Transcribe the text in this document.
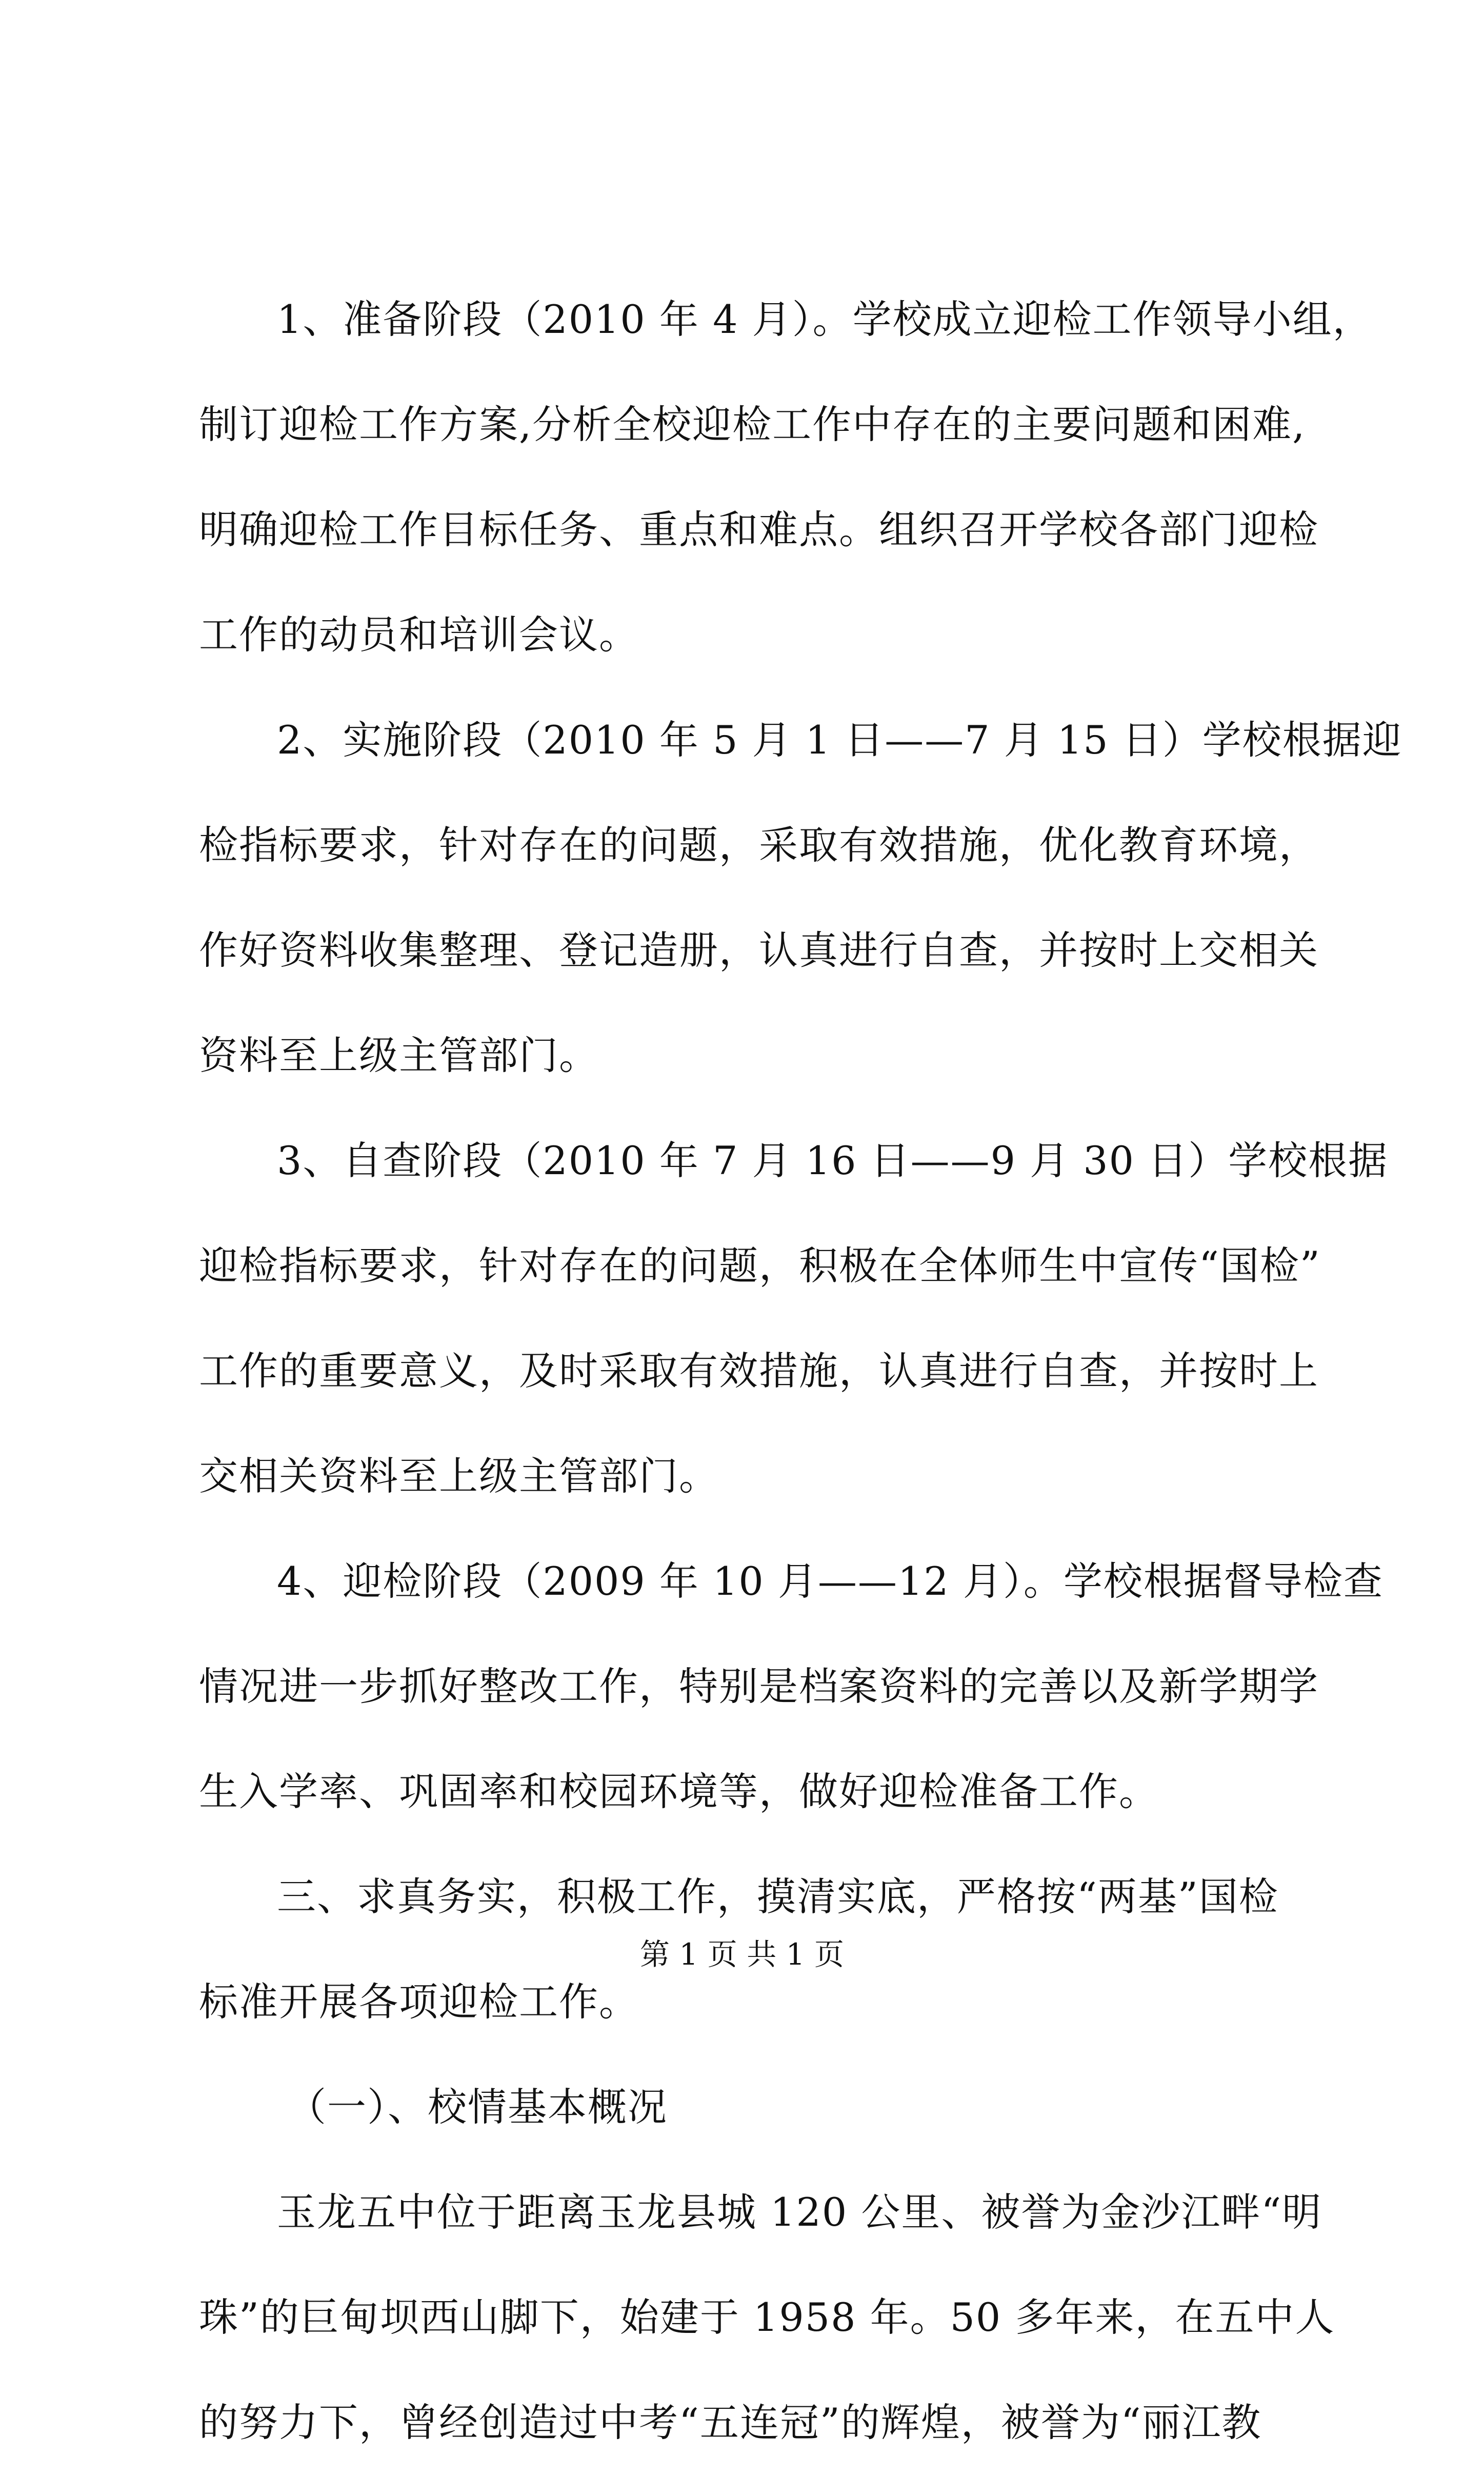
1、准备阶段（2010 年 4 月）。学校成立迎检工作领导小组，
制订迎检工作方案,分析全校迎检工作中存在的主要问题和困难,
明确迎检工作目标任务、重点和难点。组织召开学校各部门迎检
工作的动员和培训会议。
2、实施阶段（2010 年 5 月 1 日——7 月 15 日）学校根据迎
检指标要求，针对存在的问题，采取有效措施，优化教育环境，
作好资料收集整理、登记造册，认真进行自查，并按时上交相关
资料至上级主管部门。
3、自查阶段（2010 年 7 月 16 日——9 月 30 日）学校根据
迎检指标要求，针对存在的问题，积极在全体师生中宣传“国检”
工作的重要意义，及时采取有效措施，认真进行自查，并按时上
交相关资料至上级主管部门。
4、迎检阶段（2009 年 10 月——12 月）。学校根据督导检查
情况进一步抓好整改工作，特别是档案资料的完善以及新学期学
生入学率、巩固率和校园环境等，做好迎检准备工作。
三、求真务实，积极工作，摸清实底，严格按“两基”国检
标准开展各项迎检工作。
（一）、校情基本概况
玉龙五中位于距离玉龙县城 120 公里、被誉为金沙江畔“明
珠”的巨甸坝西山脚下，始建于 1958 年。50 多年来，在五中人
的努力下，曾经创造过中考“五连冠”的辉煌，被誉为“丽江教
第 1 页 共 1 页
